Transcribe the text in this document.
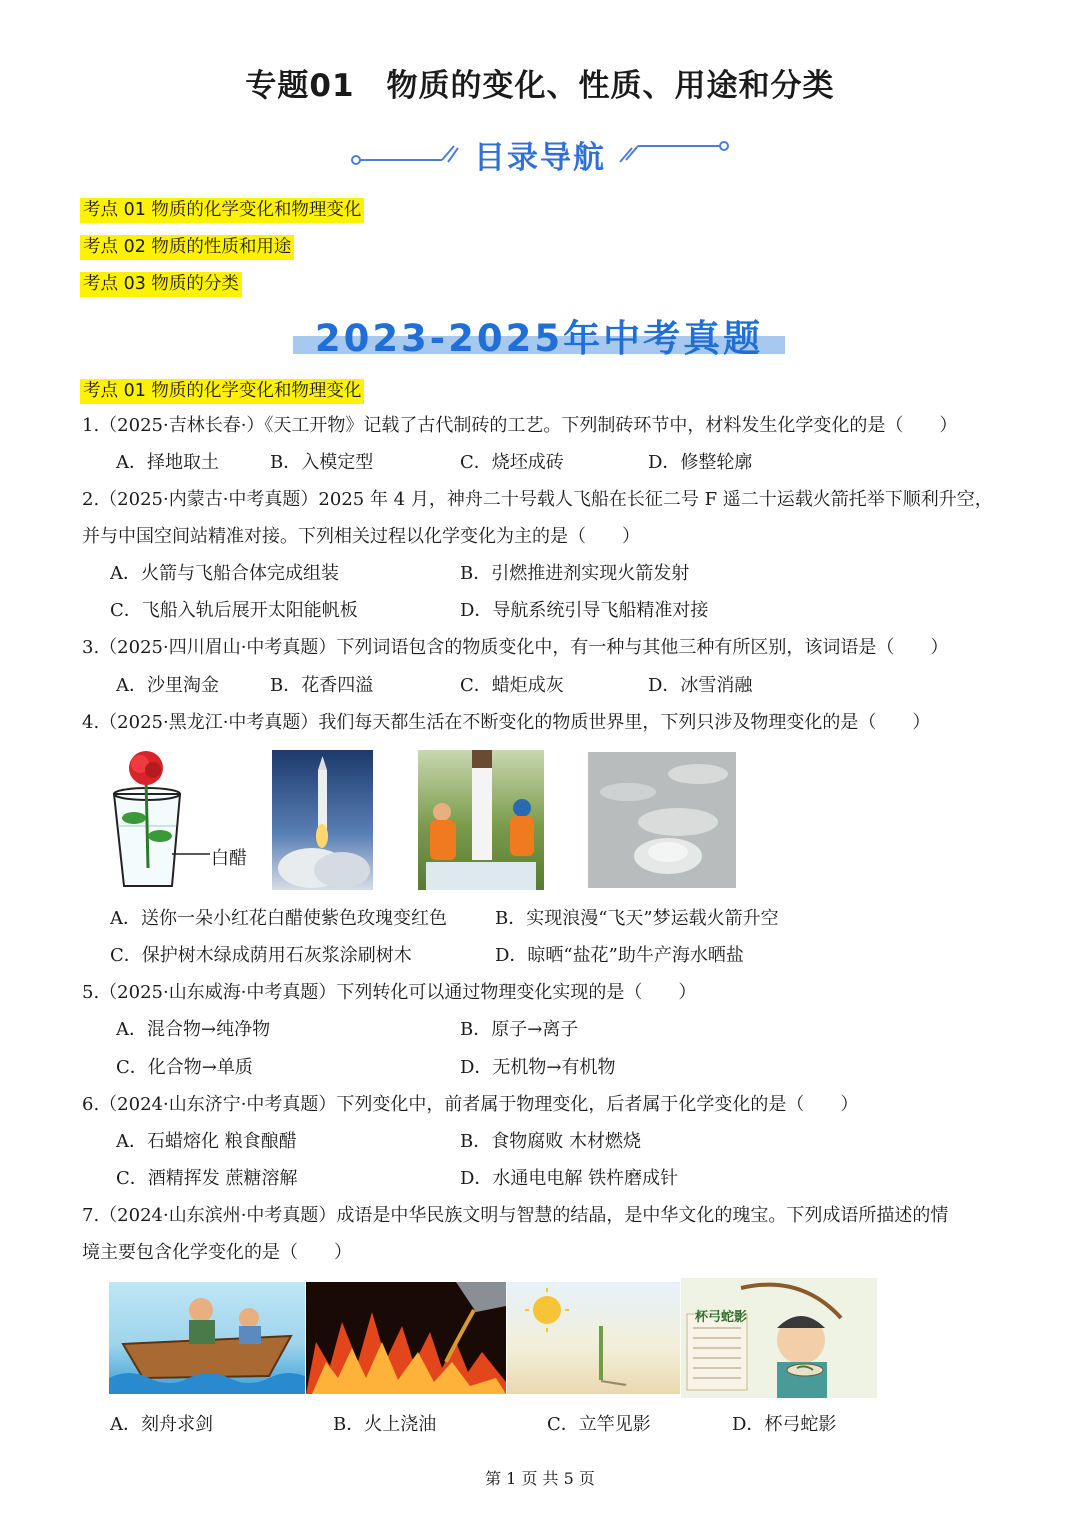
专题01　物质的变化、性质、用途和分类
目录导航
考点 01 物质的化学变化和物理变化
考点 02 物质的性质和用途
考点 03 物质的分类
2023-2025年中考真题
考点 01 物质的化学变化和物理变化
1.（2025·吉林长春·）《天工开物》记载了古代制砖的工艺。下列制砖环节中，材料发生化学变化的是（　　）
A．择地取土	B．入模定型	C．烧坯成砖	D．修整轮廓
2.（2025·内蒙古·中考真题）2025 年 4 月，神舟二十号载人飞船在长征二号 F 遥二十运载火箭托举下顺利升空，
并与中国空间站精准对接。下列相关过程以化学变化为主的是（　　）
A．火箭与飞船合体完成组装	B．引燃推进剂实现火箭发射
C．飞船入轨后展开太阳能帆板	D．导航系统引导飞船精准对接
3.（2025·四川眉山·中考真题）下列词语包含的物质变化中，有一种与其他三种有所区别，该词语是（　　）
A．沙里淘金	B．花香四溢	C．蜡炬成灰	D．冰雪消融
4.（2025·黑龙江·中考真题）我们每天都生活在不断变化的物质世界里，下列只涉及物理变化的是（　　）
白醋
A．送你一朵小红花白醋使紫色玫瑰变红色	B．实现浪漫“飞天”梦运载火箭升空
C．保护树木绿成荫用石灰浆涂刷树木	D．晾晒“盐花”助牛产海水晒盐
5.（2025·山东威海·中考真题）下列转化可以通过物理变化实现的是（　　）
A．混合物→纯净物	B．原子→离子
C．化合物→单质	D．无机物→有机物
6.（2024·山东济宁·中考真题）下列变化中，前者属于物理变化，后者属于化学变化的是（　　）
A．石蜡熔化 粮食酿醋	B．食物腐败 木材燃烧
C．酒精挥发 蔗糖溶解	D．水通电电解 铁杵磨成针
7.（2024·山东滨州·中考真题）成语是中华民族文明与智慧的结晶，是中华文化的瑰宝。下列成语所描述的情
境主要包含化学变化的是（　　）
杯弓蛇影
A．刻舟求剑	B．火上浇油	C．立竿见影	D．杯弓蛇影
第 1 页 共 5 页
